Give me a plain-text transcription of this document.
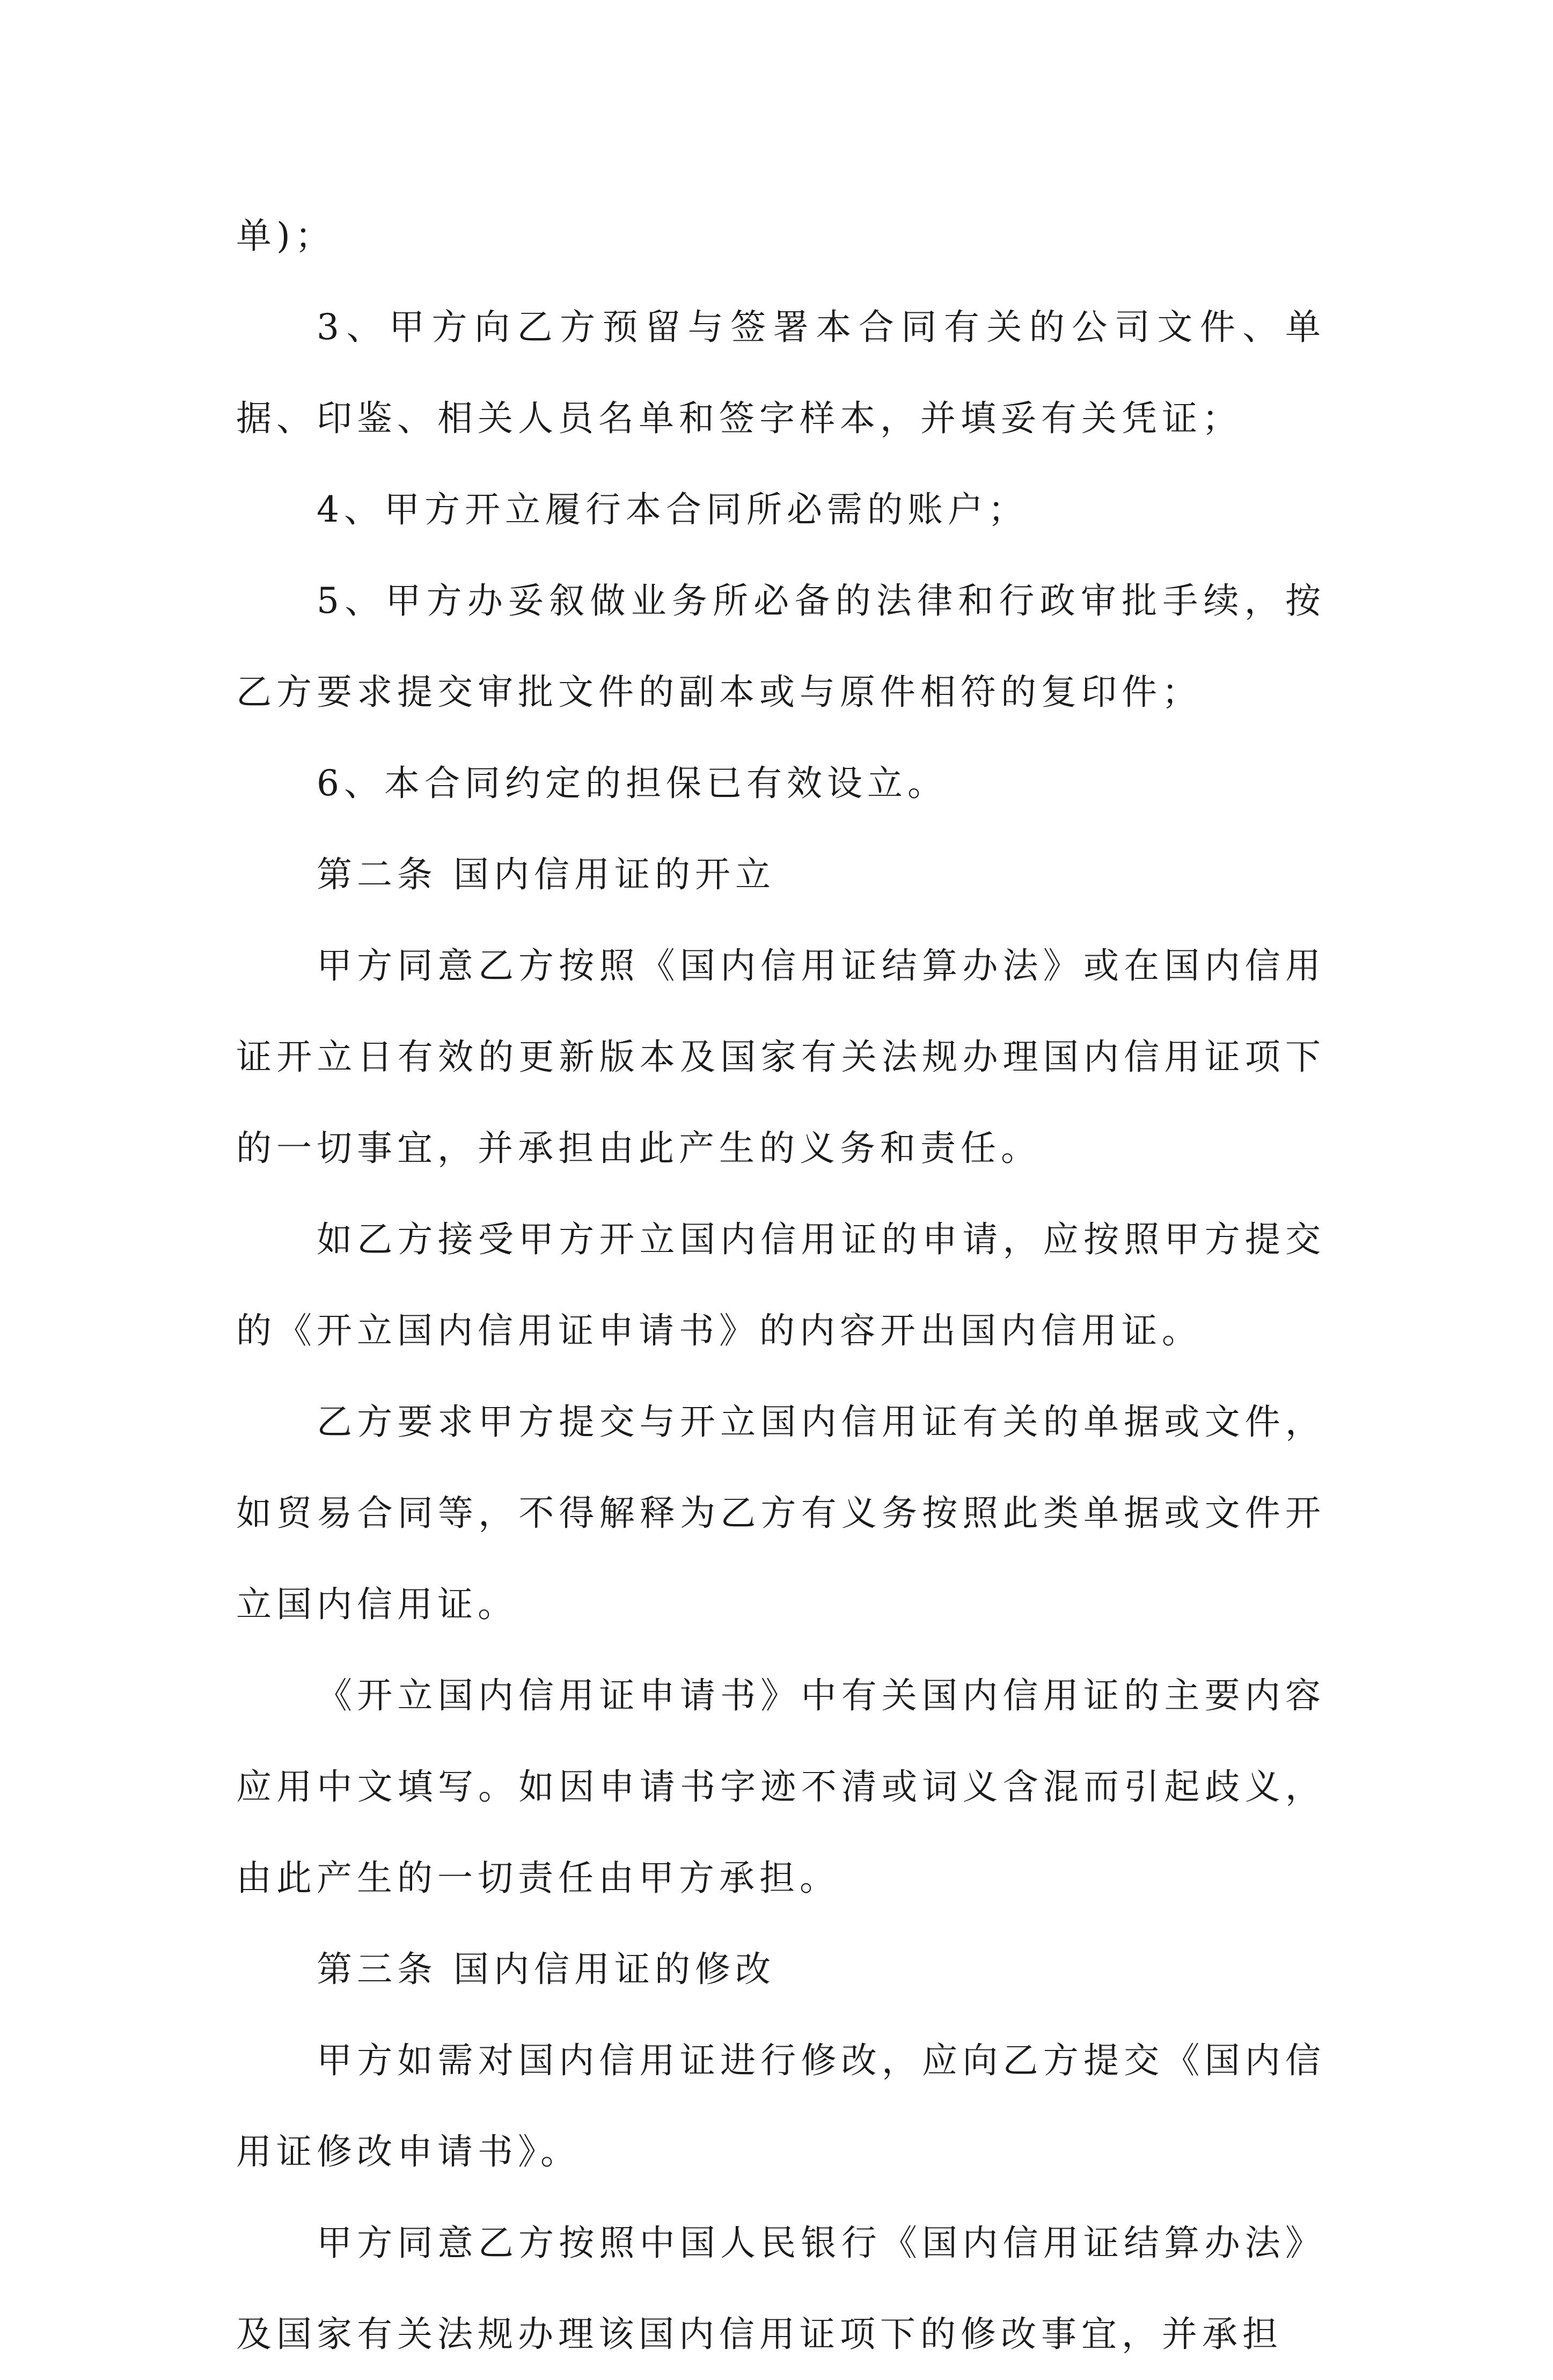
单)；

3、甲方向乙方预留与签署本合同有关的公司文件、单据、印鉴、相关人员名单和签字样本，并填妥有关凭证；

4、甲方开立履行本合同所必需的账户；

5、甲方办妥叙做业务所必备的法律和行政审批手续，按乙方要求提交审批文件的副本或与原件相符的复印件；

6、本合同约定的担保已有效设立。

第二条 国内信用证的开立

甲方同意乙方按照《国内信用证结算办法》或在国内信用证开立日有效的更新版本及国家有关法规办理国内信用证项下的一切事宜，并承担由此产生的义务和责任。

如乙方接受甲方开立国内信用证的申请，应按照甲方提交的《开立国内信用证申请书》的内容开出国内信用证。

乙方要求甲方提交与开立国内信用证有关的单据或文件，如贸易合同等，不得解释为乙方有义务按照此类单据或文件开立国内信用证。

《开立国内信用证申请书》中有关国内信用证的主要内容应用中文填写。如因申请书字迹不清或词义含混而引起歧义，由此产生的一切责任由甲方承担。

第三条 国内信用证的修改

甲方如需对国内信用证进行修改，应向乙方提交《国内信用证修改申请书》。

甲方同意乙方按照中国人民银行《国内信用证结算办法》及国家有关法规办理该国内信用证项下的修改事宜，并承担
